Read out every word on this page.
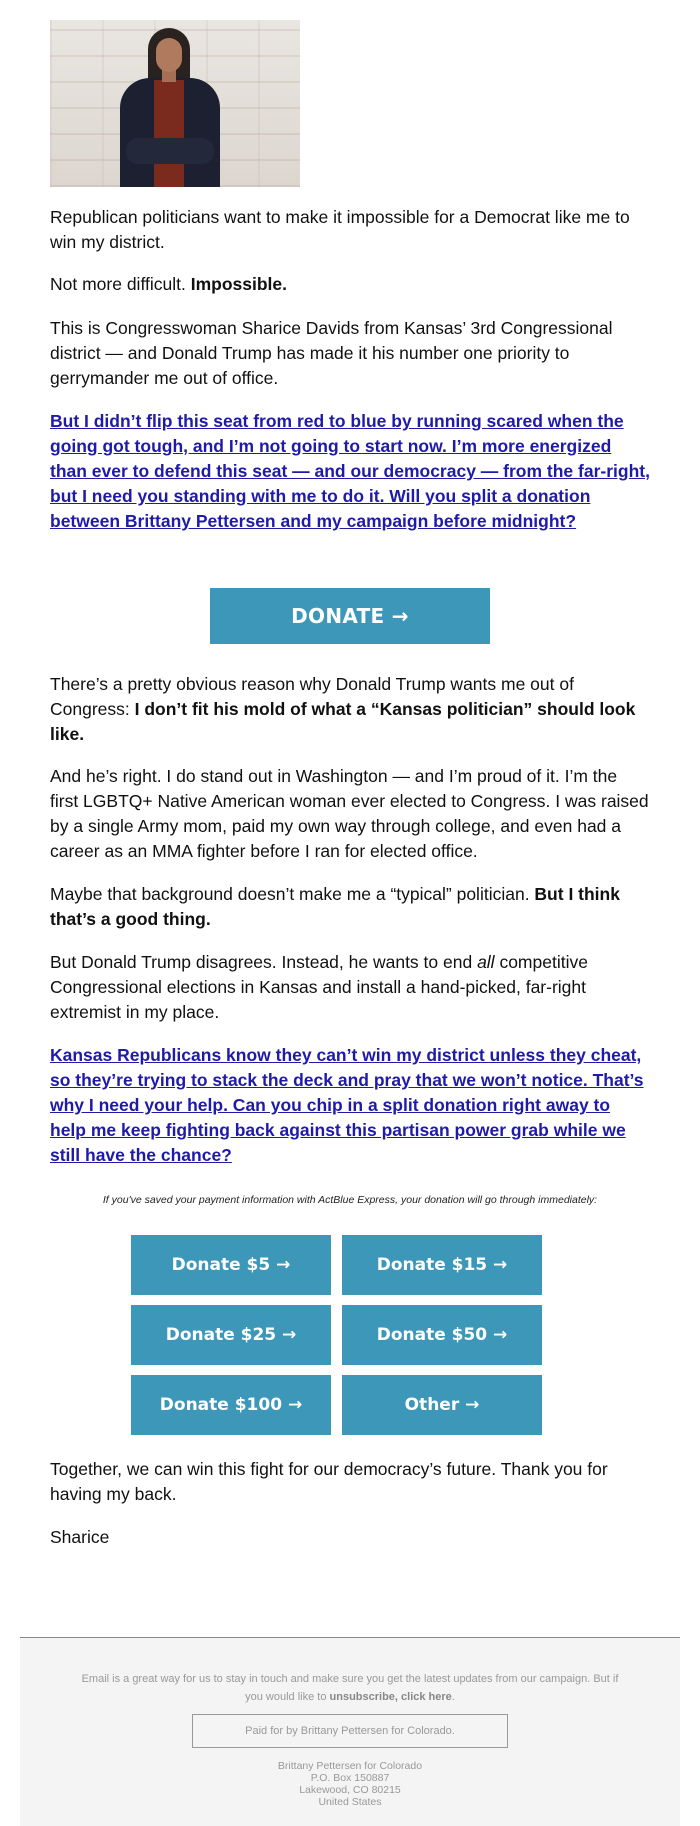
Republican politicians want to make it impossible for a Democrat like me to win my district.

Not more difficult. Impossible.

This is Congresswoman Sharice Davids from Kansas’ 3rd Congressional district — and Donald Trump has made it his number one priority to gerrymander me out of office.

But I didn’t flip this seat from red to blue by running scared when the going got tough, and I’m not going to start now. I’m more energized than ever to defend this seat — and our democracy — from the far-right, but I need you standing with me to do it. Will you split a donation between Brittany Pettersen and my campaign before midnight?

DONATE →

There’s a pretty obvious reason why Donald Trump wants me out of Congress: I don’t fit his mold of what a “Kansas politician” should look like.

And he’s right. I do stand out in Washington — and I’m proud of it. I’m the first LGBTQ+ Native American woman ever elected to Congress. I was raised by a single Army mom, paid my own way through college, and even had a career as an MMA fighter before I ran for elected office.

Maybe that background doesn’t make me a “typical” politician. But I think that’s a good thing.

But Donald Trump disagrees. Instead, he wants to end all competitive Congressional elections in Kansas and install a hand-picked, far-right extremist in my place.

Kansas Republicans know they can’t win my district unless they cheat, so they’re trying to stack the deck and pray that we won’t notice. That’s why I need your help. Can you chip in a split donation right away to help me keep fighting back against this partisan power grab while we still have the chance?

If you've saved your payment information with ActBlue Express, your donation will go through immediately:
Donate $5 →	Donate $15 →
Donate $25 →	Donate $50 →
Donate $100 →	Other →

Together, we can win this fight for our democracy’s future. Thank you for having my back.

Sharice

Email is a great way for us to stay in touch and make sure you get the latest updates from our campaign. But if you would like to unsubscribe, click here.
Paid for by Brittany Pettersen for Colorado.
Brittany Pettersen for Colorado
P.O. Box 150887
Lakewood, CO 80215
United States
